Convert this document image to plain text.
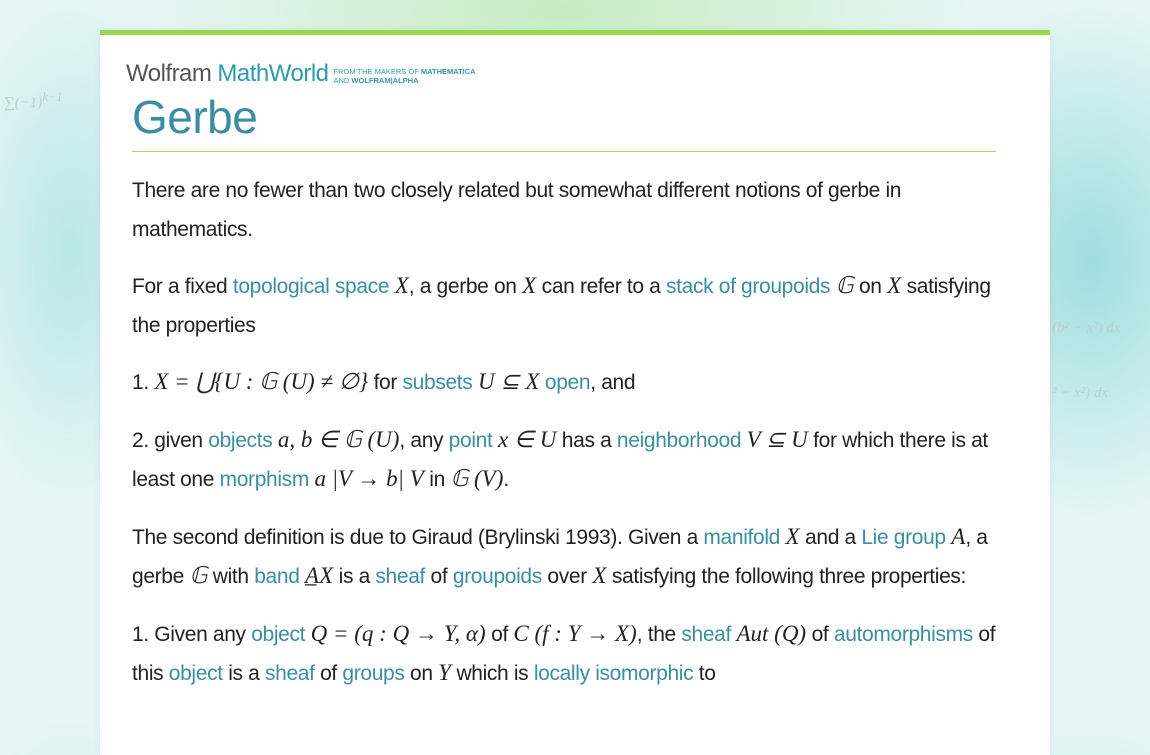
$\sum(-1)^{k-1}$
(b² − x²) dx
² − x²) dx
Wolfram MathWorld FROM THE MAKERS OF MATHEMATICA
AND WOLFRAM|ALPHA
Gerbe

There are no fewer than two closely related but somewhat different notions of gerbe in mathematics.

For a fixed topological space X, a gerbe on X can refer to a stack of groupoids 𝔾 on X satisfying the properties

1. X = ⋃{U : 𝔾 (U) ≠ ∅} for subsets U ⊆ X open, and

2. given objects a, b ∈ 𝔾 (U), any point x ∈ U has a neighborhood V ⊆ U for which there is at least one morphism a |V → b| V in 𝔾 (V).

The second definition is due to Giraud (Brylinski 1993). Given a manifold X and a Lie group A, a gerbe 𝔾 with band A̲X is a sheaf of groupoids over X satisfying the following three properties:

1. Given any object Q = (q : Q → Y, α) of C (f : Y → X), the sheaf Aut (Q) of automorphisms of this object is a sheaf of groups on Y which is locally isomorphic to
